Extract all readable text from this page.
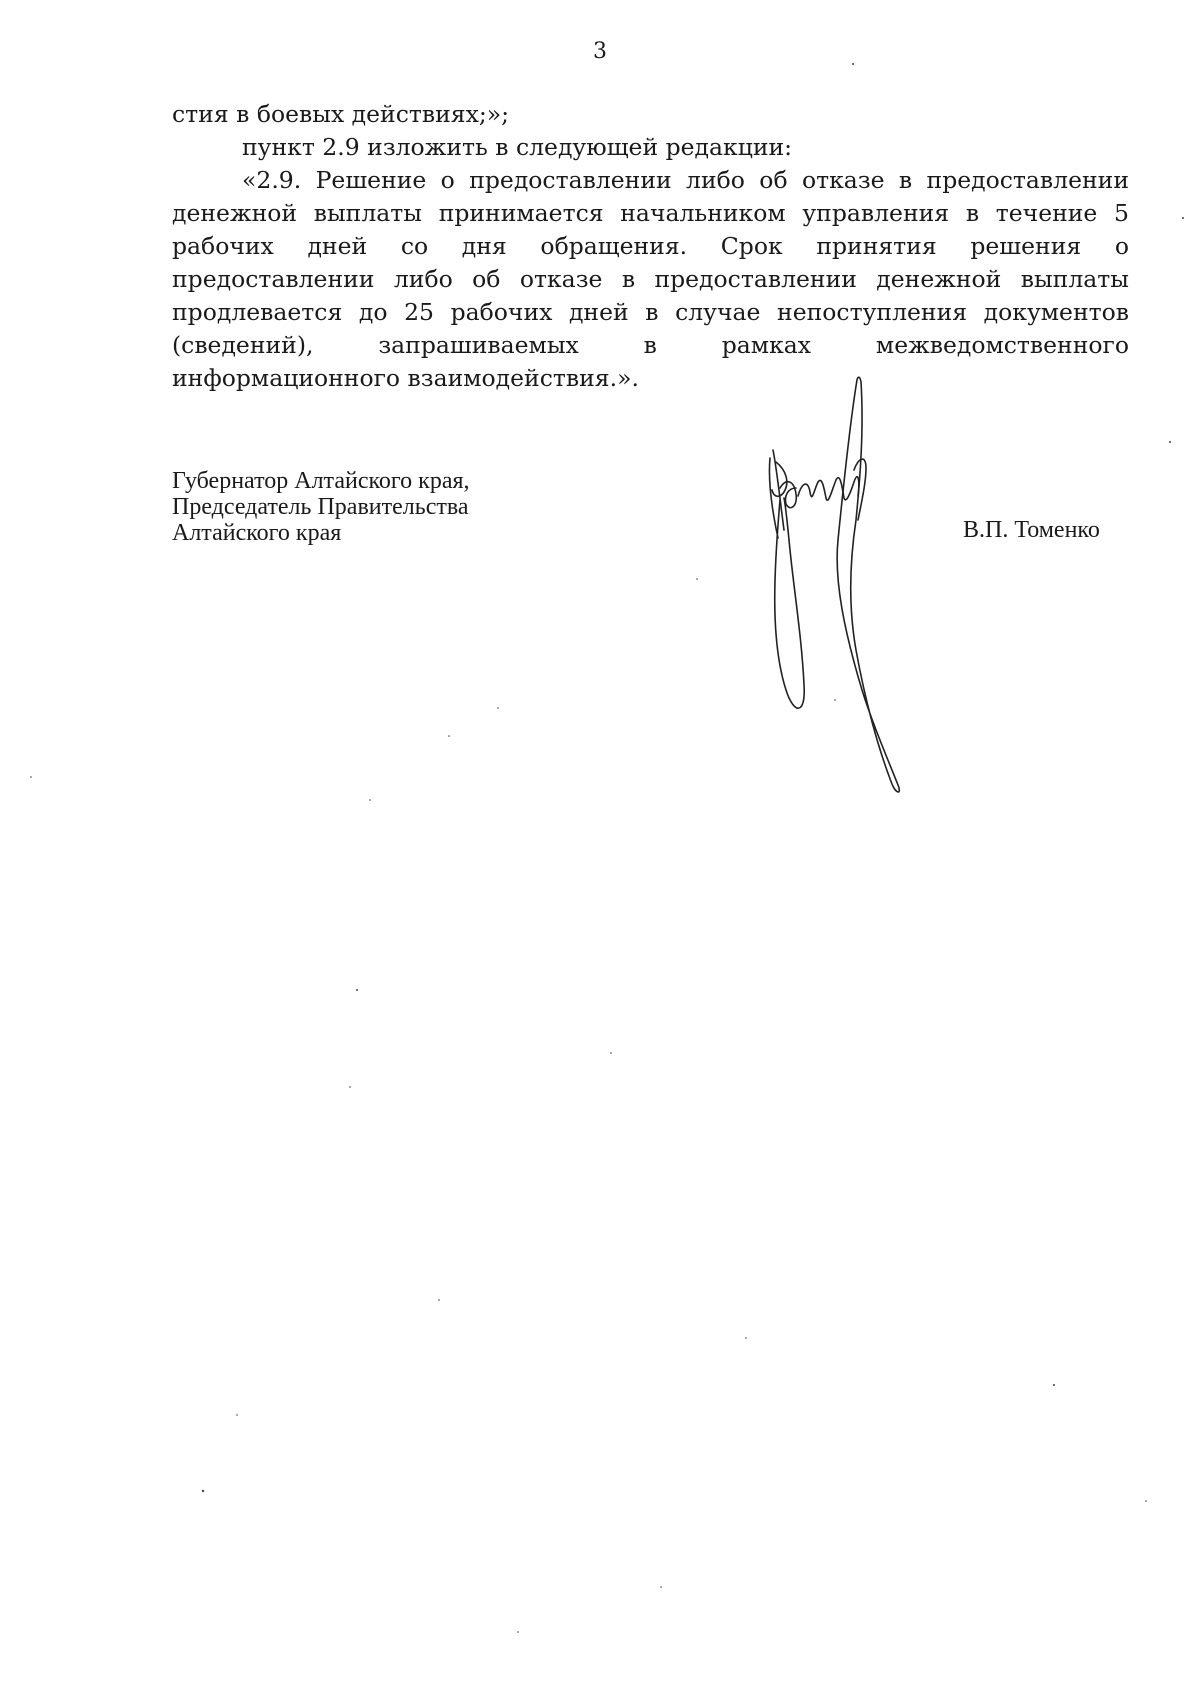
3

стия в боевых действиях;»;

пункт 2.9 изложить в следующей редакции:

«2.9. Решение о предоставлении либо об отказе в предоставлении денежной выплаты принимается начальником управления в течение 5 рабочих дней со дня обращения. Срок принятия решения о предоставлении либо об отказе в предоставлении денежной выплаты продлевается до 25 рабочих дней в случае непоступления документов (сведений), запрашиваемых в рамках межведомственного информационного взаимодействия.».

Губернатор Алтайского края,
Председатель Правительства
Алтайского края	В.П. Томенко
